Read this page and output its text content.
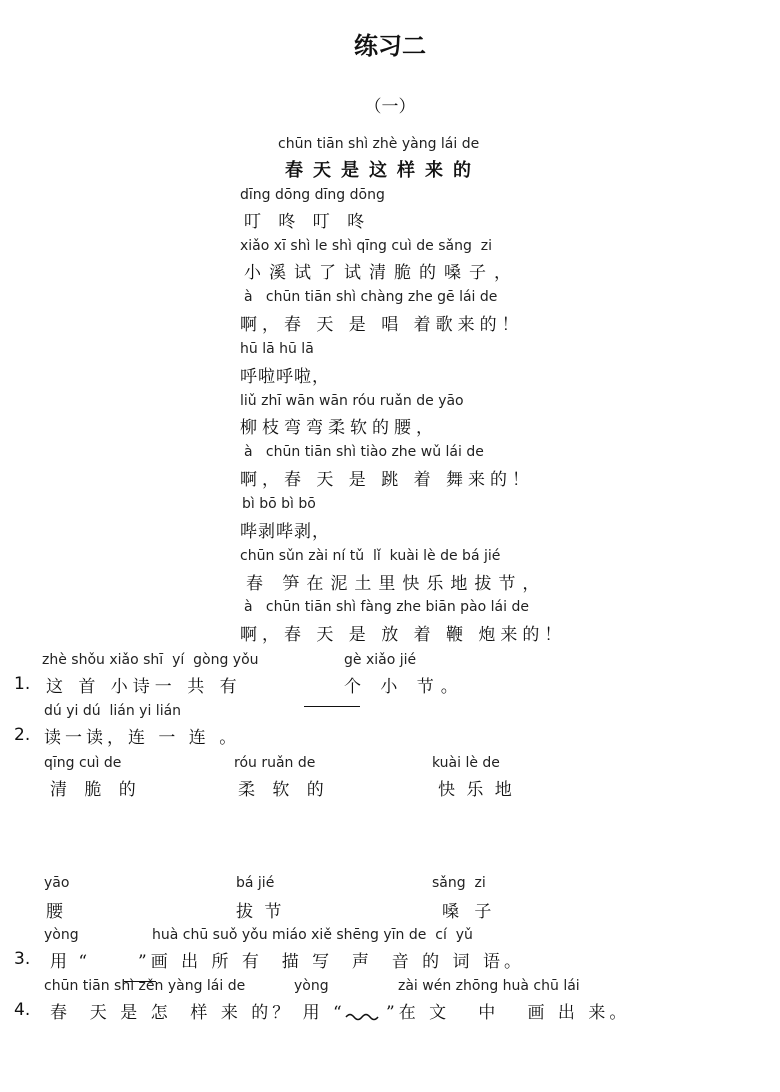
练习二
（一）
chūn tiān shì zhè yàng lái de
春天是这样来的
dīng dōng dīng dōng
叮 咚 叮 咚
xiǎo xī shì le shì qīng cuì de sǎng  zi
小溪试了试清脆的嗓子，
à   chūn tiān shì chàng zhe gē lái de
啊，春 天 是 唱 着歌来的！
hū lā hū lā
呼啦呼啦，
liǔ zhī wān wān róu ruǎn de yāo
柳枝弯弯柔软的腰，
à   chūn tiān shì tiào zhe wǔ lái de
啊，春 天 是 跳 着 舞来的！
bì bō bì bō
哔剥哔剥，
chūn sǔn zài ní tǔ  lǐ  kuài lè de bá jié
春 笋在泥土里快乐地拔节，
à   chūn tiān shì fàng zhe biān pào lái de
啊，春 天 是 放 着 鞭 炮来的！
zhè shǒu xiǎo shī  yí  gòng yǒu	gè xiǎo jié
1. 这 首 小诗一 共 有

	个 小 节。
dú yi dú  lián yi lián
2. 读一读，连 一 连 。
qīng cuì de
清 脆 的
róu ruǎn de
柔 软 的
kuài lè de
快 乐 地
yāo
腰
bá jié
拔 节
sǎng  zi
嗓 子
yòng	huà chū suǒ yǒu miáo xiě shēng yīn de  cí  yǔ
3. 用 “

	”画 出 所 有  描 写  声  音 的 词 语。
chūn tiān shì zěn yàng lái de	yòng	zài wén zhōng huà chū lái
4. 春  天 是 怎  样 来 的？ 用 “ ”在 文   中   画 出 来。
